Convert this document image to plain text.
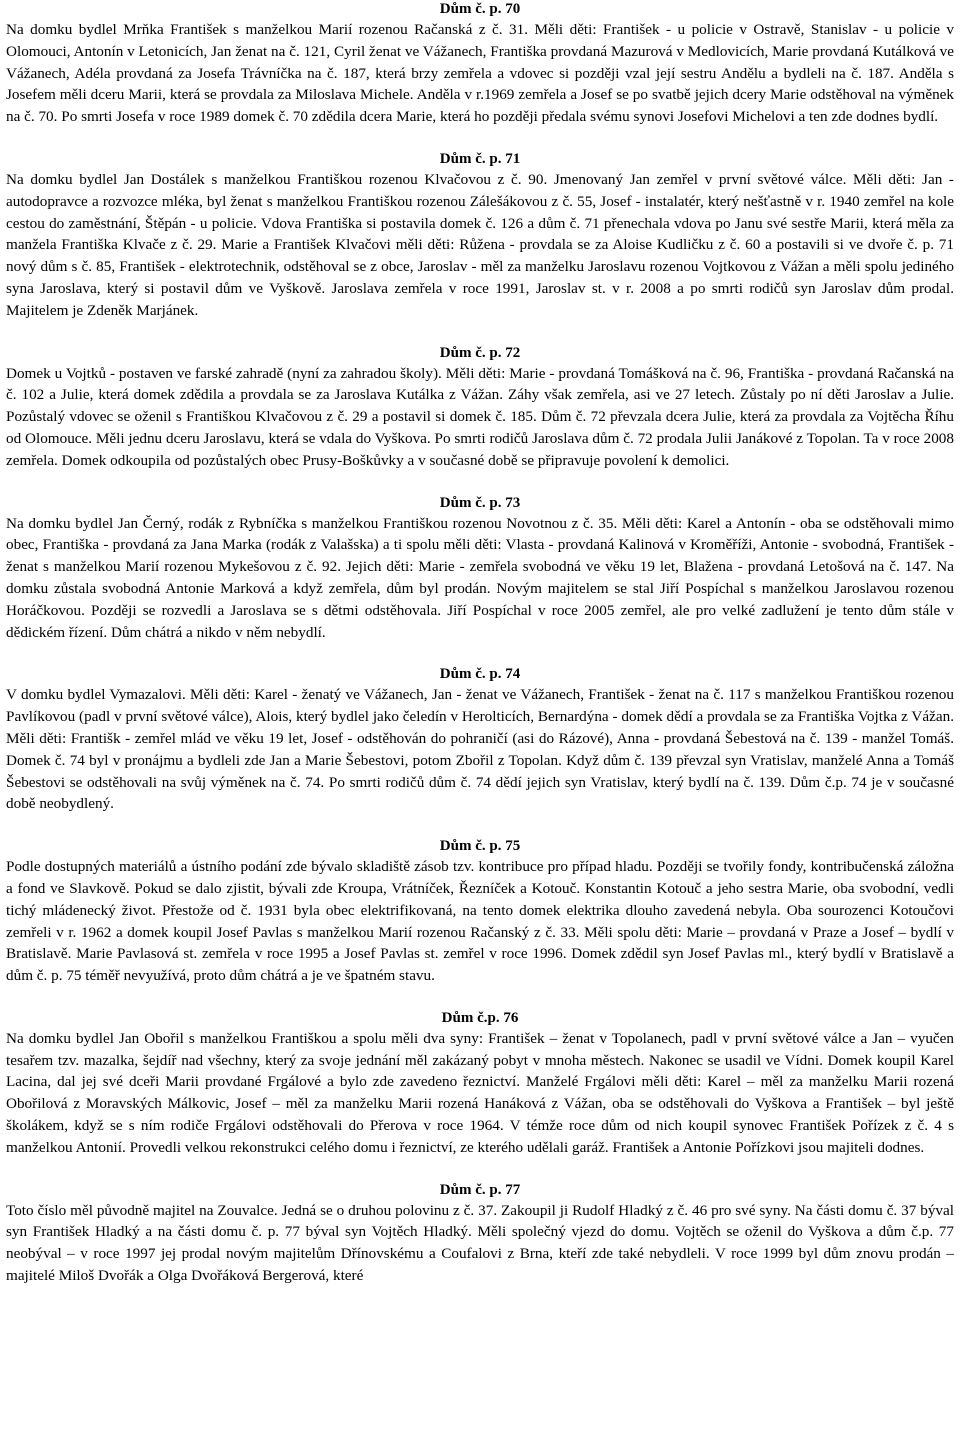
Dům č. p. 70

Na domku bydlel Mrňka František s manželkou Marií rozenou Račanská z č. 31. Měli děti: František - u policie v Ostravě, Stanislav - u policie v Olomouci, Antonín v Letonicích, Jan ženat na č. 121, Cyril ženat ve Vážanech, Františka provdaná Mazurová v Medlovicích, Marie provdaná Kutálková ve Vážanech, Adéla provdaná za Josefa Trávníčka na č. 187, která brzy zemřela a vdovec si později vzal její sestru Andělu a bydleli na č. 187. Anděla s Josefem měli dceru Marii, která se provdala za Miloslava Michele. Anděla v r.1969 zemřela a Josef se po svatbě jejich dcery Marie odstěhoval na výměnek na č. 70. Po smrti Josefa v roce 1989 domek č. 70 zdědila dcera Marie, která ho později předala svému synovi Josefovi Michelovi a ten zde dodnes bydlí.

Dům č. p. 71

Na domku bydlel Jan Dostálek s manželkou Františkou rozenou Klvačovou z č. 90. Jmenovaný Jan zemřel v první světové válce. Měli děti: Jan - autodopravce a rozvozce mléka, byl ženat s manželkou Františkou rozenou Zálešákovou z č. 55, Josef - instalatér, který nešťastně v r. 1940 zemřel na kole cestou do zaměstnání, Štěpán - u policie. Vdova Františka si postavila domek č. 126 a dům č. 71 přenechala vdova po Janu své sestře Marii, která měla za manžela Františka Klvače z č. 29. Marie a František Klvačovi měli děti: Růžena - provdala se za Aloise Kudličku z č. 60 a postavili si ve dvoře č. p. 71 nový dům s č. 85, František - elektrotechnik, odstěhoval se z obce, Jaroslav - měl za manželku Jaroslavu rozenou Vojtkovou z Vážan a měli spolu jediného syna Jaroslava, který si postavil dům ve Vyškově. Jaroslava zemřela v roce 1991, Jaroslav st. v r. 2008 a po smrti rodičů syn Jaroslav dům prodal. Majitelem je Zdeněk Marjánek.

Dům č. p. 72

Domek u Vojtků - postaven ve farské zahradě (nyní za zahradou školy). Měli děti: Marie - provdaná Tomášková na č. 96, Františka - provdaná Račanská na č. 102 a Julie, která domek zdědila a provdala se za Jaroslava Kutálka z Vážan. Záhy však zemřela, asi ve 27 letech. Zůstaly po ní děti Jaroslav a Julie. Pozůstalý vdovec se oženil s Františkou Klvačovou z č. 29 a postavil si domek č. 185. Dům č. 72 převzala dcera Julie, která za provdala za Vojtěcha Říhu od Olomouce. Měli jednu dceru Jaroslavu, která se vdala do Vyškova. Po smrti rodičů Jaroslava dům č. 72 prodala Julii Janákové z Topolan. Ta v roce 2008 zemřela. Domek odkoupila od pozůstalých obec Prusy-Boškůvky a v současné době se připravuje povolení k demolici.

Dům č. p. 73

Na domku bydlel Jan Černý, rodák z Rybníčka s manželkou Františkou rozenou Novotnou z č. 35. Měli děti: Karel a Antonín - oba se odstěhovali mimo obec, Františka - provdaná za Jana Marka (rodák z Valašska) a ti spolu měli děti: Vlasta - provdaná Kalinová v Kroměříži, Antonie - svobodná, František - ženat s manželkou Marií rozenou Mykešovou z č. 92. Jejich děti: Marie - zemřela svobodná ve věku 19 let, Blažena - provdaná Letošová na č. 147. Na domku zůstala svobodná Antonie Marková a když zemřela, dům byl prodán. Novým majitelem se stal Jiří Pospíchal s manželkou Jaroslavou rozenou Horáčkovou. Později se rozvedli a Jaroslava se s dětmi odstěhovala. Jiří Pospíchal v roce 2005 zemřel, ale pro velké zadlužení je tento dům stále v dědickém řízení. Dům chátrá a nikdo v něm nebydlí.

Dům č. p. 74

V domku bydlel Vymazalovi. Měli děti: Karel - ženatý ve Vážanech, Jan - ženat ve Vážanech, František - ženat na č. 117 s manželkou Františkou rozenou Pavlíkovou (padl v první světové válce), Alois, který bydlel jako čeledín v Herolticích, Bernardýna - domek dědí a provdala se za Františka Vojtka z Vážan. Měli děti: Františk - zemřel mlád ve věku 19 let, Josef - odstěhován do pohraničí (asi do Rázové), Anna - provdaná Šebestová na č. 139 - manžel Tomáš. Domek č. 74 byl v pronájmu a bydleli zde Jan a Marie Šebestovi, potom Zbořil z Topolan. Když dům č. 139 převzal syn Vratislav, manželé Anna a Tomáš Šebestovi se odstěhovali na svůj výměnek na č. 74. Po smrti rodičů dům č. 74 dědí jejich syn Vratislav, který bydlí na č. 139. Dům č.p. 74 je v současné době neobydlený.

Dům č. p. 75

Podle dostupných materiálů a ústního podání zde bývalo skladiště zásob tzv. kontribuce pro případ hladu. Později se tvořily fondy, kontribučenská záložna a fond ve Slavkově. Pokud se dalo zjistit, bývali zde Kroupa, Vrátníček, Řezníček a Kotouč. Konstantin Kotouč a jeho sestra Marie, oba svobodní, vedli tichý mládenecký život. Přestože od č. 1931 byla obec elektrifikovaná, na tento domek elektrika dlouho zavedená nebyla. Oba sourozenci Kotoučovi zemřeli v r. 1962 a domek koupil Josef Pavlas s manželkou Marií rozenou Račanský z č. 33. Měli spolu děti: Marie – provdaná v Praze a Josef – bydlí v Bratislavě. Marie Pavlasová st. zemřela v roce 1995 a Josef Pavlas st. zemřel v roce 1996. Domek zdědil syn Josef Pavlas ml., který bydlí v Bratislavě a dům č. p. 75 téměř nevyužívá, proto dům chátrá a je ve špatném stavu.

Dům č.p. 76

Na domku bydlel Jan Obořil s manželkou Františkou a spolu měli dva syny: František – ženat v Topolanech, padl v první světové válce a Jan – vyučen tesařem tzv. mazalka, šejdíř nad všechny, který za svoje jednání měl zakázaný pobyt v mnoha městech. Nakonec se usadil ve Vídni. Domek koupil Karel Lacina, dal jej své dceři Marii provdané Frgálové a bylo zde zavedeno řeznictví. Manželé Frgálovi měli děti: Karel – měl za manželku Marii rozená Obořilová z Moravských Málkovic, Josef – měl za manželku Marii rozená Hanáková z Vážan, oba se odstěhovali do Vyškova a František – byl ještě školákem, když se s ním rodiče Frgálovi odstěhovali do Přerova v roce 1964. V témže roce dům od nich koupil synovec František Pořízek z č. 4 s manželkou Antonií. Provedli velkou rekonstrukci celého domu i řeznictví, ze kterého udělali garáž. František a Antonie Pořízkovi jsou majiteli dodnes.

Dům č. p. 77

Toto číslo měl původně majitel na Zouvalce. Jedná se o druhou polovinu z č. 37. Zakoupil ji Rudolf Hladký z č. 46 pro své syny. Na části domu č. 37 býval syn František Hladký a na části domu č. p. 77 býval syn Vojtěch Hladký. Měli společný vjezd do domu. Vojtěch se oženil do Vyškova a dům č.p. 77 neobýval – v roce 1997 jej prodal novým majitelům Dřínovskému a Coufalovi z Brna, kteří zde také nebydleli. V roce 1999 byl dům znovu prodán – majitelé Miloš Dvořák a Olga Dvořáková Bergerová, které
